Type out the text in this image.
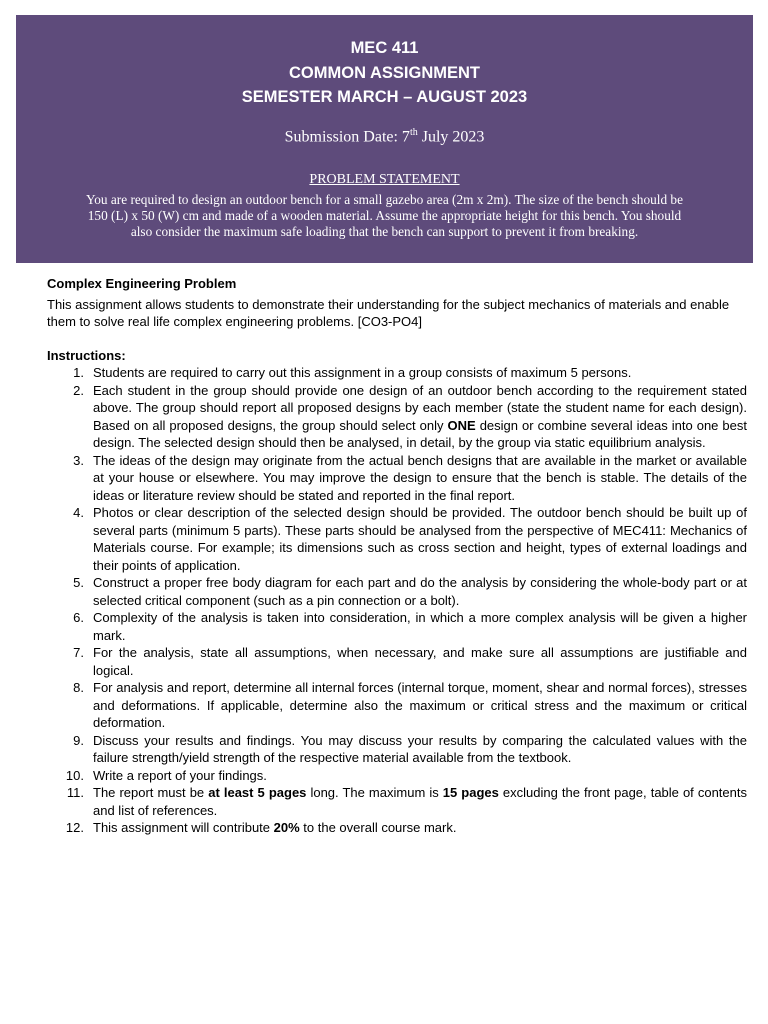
MEC 411

COMMON ASSIGNMENT

SEMESTER MARCH – AUGUST 2023

Submission Date: 7th July 2023
PROBLEM STATEMENT
You are required to design an outdoor bench for a small gazebo area (2m x 2m). The size of the bench should be 150 (L) x 50 (W) cm and made of a wooden material. Assume the appropriate height for this bench. You should also consider the maximum safe loading that the bench can support to prevent it from breaking.

Complex Engineering Problem

This assignment allows students to demonstrate their understanding for the subject mechanics of materials and enable them to solve real life complex engineering problems. [CO3-PO4]

Instructions:

1. Students are required to carry out this assignment in a group consists of maximum 5 persons.
2. Each student in the group should provide one design of an outdoor bench according to the requirement stated above. The group should report all proposed designs by each member (state the student name for each design). Based on all proposed designs, the group should select only ONE design or combine several ideas into one best design. The selected design should then be analysed, in detail, by the group via static equilibrium analysis.
3. The ideas of the design may originate from the actual bench designs that are available in the market or available at your house or elsewhere. You may improve the design to ensure that the bench is stable. The details of the ideas or literature review should be stated and reported in the final report.
4. Photos or clear description of the selected design should be provided. The outdoor bench should be built up of several parts (minimum 5 parts). These parts should be analysed from the perspective of MEC411: Mechanics of Materials course. For example; its dimensions such as cross section and height, types of external loadings and their points of application.
5. Construct a proper free body diagram for each part and do the analysis by considering the whole-body part or at selected critical component (such as a pin connection or a bolt).
6. Complexity of the analysis is taken into consideration, in which a more complex analysis will be given a higher mark.
7. For the analysis, state all assumptions, when necessary, and make sure all assumptions are justifiable and logical.
8. For analysis and report, determine all internal forces (internal torque, moment, shear and normal forces), stresses and deformations. If applicable, determine also the maximum or critical stress and the maximum or critical deformation.
9. Discuss your results and findings. You may discuss your results by comparing the calculated values with the failure strength/yield strength of the respective material available from the textbook.
10. Write a report of your findings.
11. The report must be at least 5 pages long. The maximum is 15 pages excluding the front page, table of contents and list of references.
12. This assignment will contribute 20% to the overall course mark.
